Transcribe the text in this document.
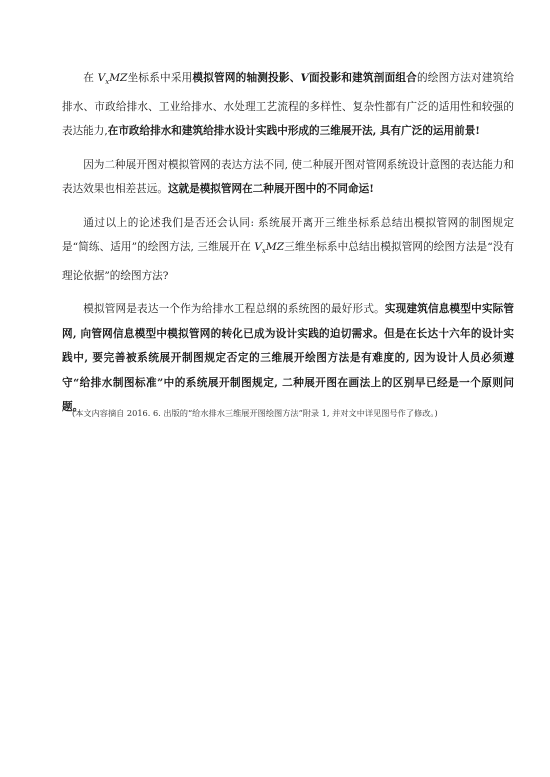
在 $V_xMZ$坐标系中采用模拟管网的轴测投影、V面投影和建筑剖面组合的绘图方法对建筑给排水、市政给排水、工业给排水、水处理工艺流程的多样性、复杂性都有广泛的适用性和较强的表达能力,在市政给排水和建筑给排水设计实践中形成的三维展开法, 具有广泛的运用前景!

因为二种展开图对模拟管网的表达方法不同, 使二种展开图对管网系统设计意图的表达能力和表达效果也相差甚远。这就是模拟管网在二种展开图中的不同命运!

通过以上的论述我们是否还会认同: 系统展开离开三维坐标系总结出模拟管网的制图规定是“简练、适用”的绘图方法, 三维展开在 $V_xMZ$三维坐标系中总结出模拟管网的绘图方法是“没有理论依据”的绘图方法?

模拟管网是表达一个作为给排水工程总纲的系统图的最好形式。实现建筑信息模型中实际管网, 向管网信息模型中模拟管网的转化已成为设计实践的迫切需求。但是在长达十六年的设计实践中, 要完善被系统展开制图规定否定的三维展开绘图方法是有难度的, 因为设计人员必须遵守“给排水制图标准”中的系统展开制图规定, 二种展开图在画法上的区别早已经是一个原则问题。

(本文内容摘自 2016. 6. 出版的“给水排水三维展开图绘图方法”附录 1, 并对文中详见图号作了修改。)
